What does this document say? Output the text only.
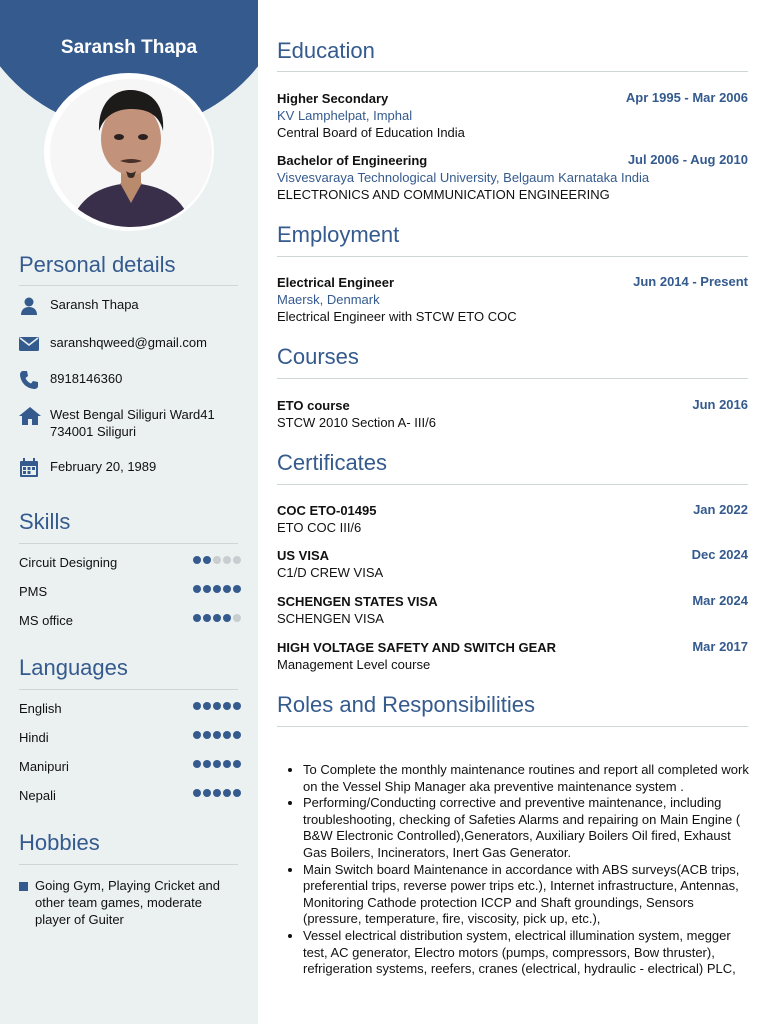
Saransh Thapa
Personal details
Saransh Thapa
saranshqweed@gmail.com
8918146360
West Bengal Siliguri Ward41
734001 Siliguri
February 20, 1989
Skills
Circuit Designing
PMS
MS office
Languages
English
Hindi
Manipuri
Nepali
Hobbies
Going Gym, Playing Cricket and other team games, moderate player of Guiter
Education
Higher Secondary	Apr 1995 - Mar 2006
KV Lamphelpat, Imphal
Central Board of Education India
Bachelor of Engineering	Jul 2006 - Aug 2010
Visvesvaraya Technological University, Belgaum Karnataka India
ELECTRONICS AND COMMUNICATION ENGINEERING
Employment
Electrical Engineer	Jun 2014 - Present
Maersk, Denmark
Electrical Engineer with STCW ETO COC
Courses
ETO course	Jun 2016
STCW 2010 Section A- III/6
Certificates
COC ETO-01495	Jan 2022
ETO COC III/6
US VISA	Dec 2024
C1/D CREW VISA
SCHENGEN STATES VISA	Mar 2024
SCHENGEN VISA
HIGH VOLTAGE SAFETY AND SWITCH GEAR	Mar 2017
Management Level course
Roles and Responsibilities
• To Complete the monthly maintenance routines and report all completed work on the Vessel Ship Manager aka preventive maintenance system .
• Performing/Conducting corrective and preventive maintenance, including troubleshooting, checking of Safeties Alarms and repairing on Main Engine ( B&W Electronic Controlled),Generators, Auxiliary Boilers Oil fired, Exhaust Gas Boilers, Incinerators, Inert Gas Generator.
• Main Switch board Maintenance in accordance with ABS surveys(ACB trips, preferential trips, reverse power trips etc.), Internet infrastructure, Antennas, Monitoring Cathode protection ICCP and Shaft groundings, Sensors (pressure, temperature, fire, viscosity, pick up, etc.),
• Vessel electrical distribution system, electrical illumination system, megger test, AC generator, Electro motors (pumps, compressors, Bow thruster), refrigeration systems, reefers, cranes (electrical, hydraulic - electrical) PLC,
